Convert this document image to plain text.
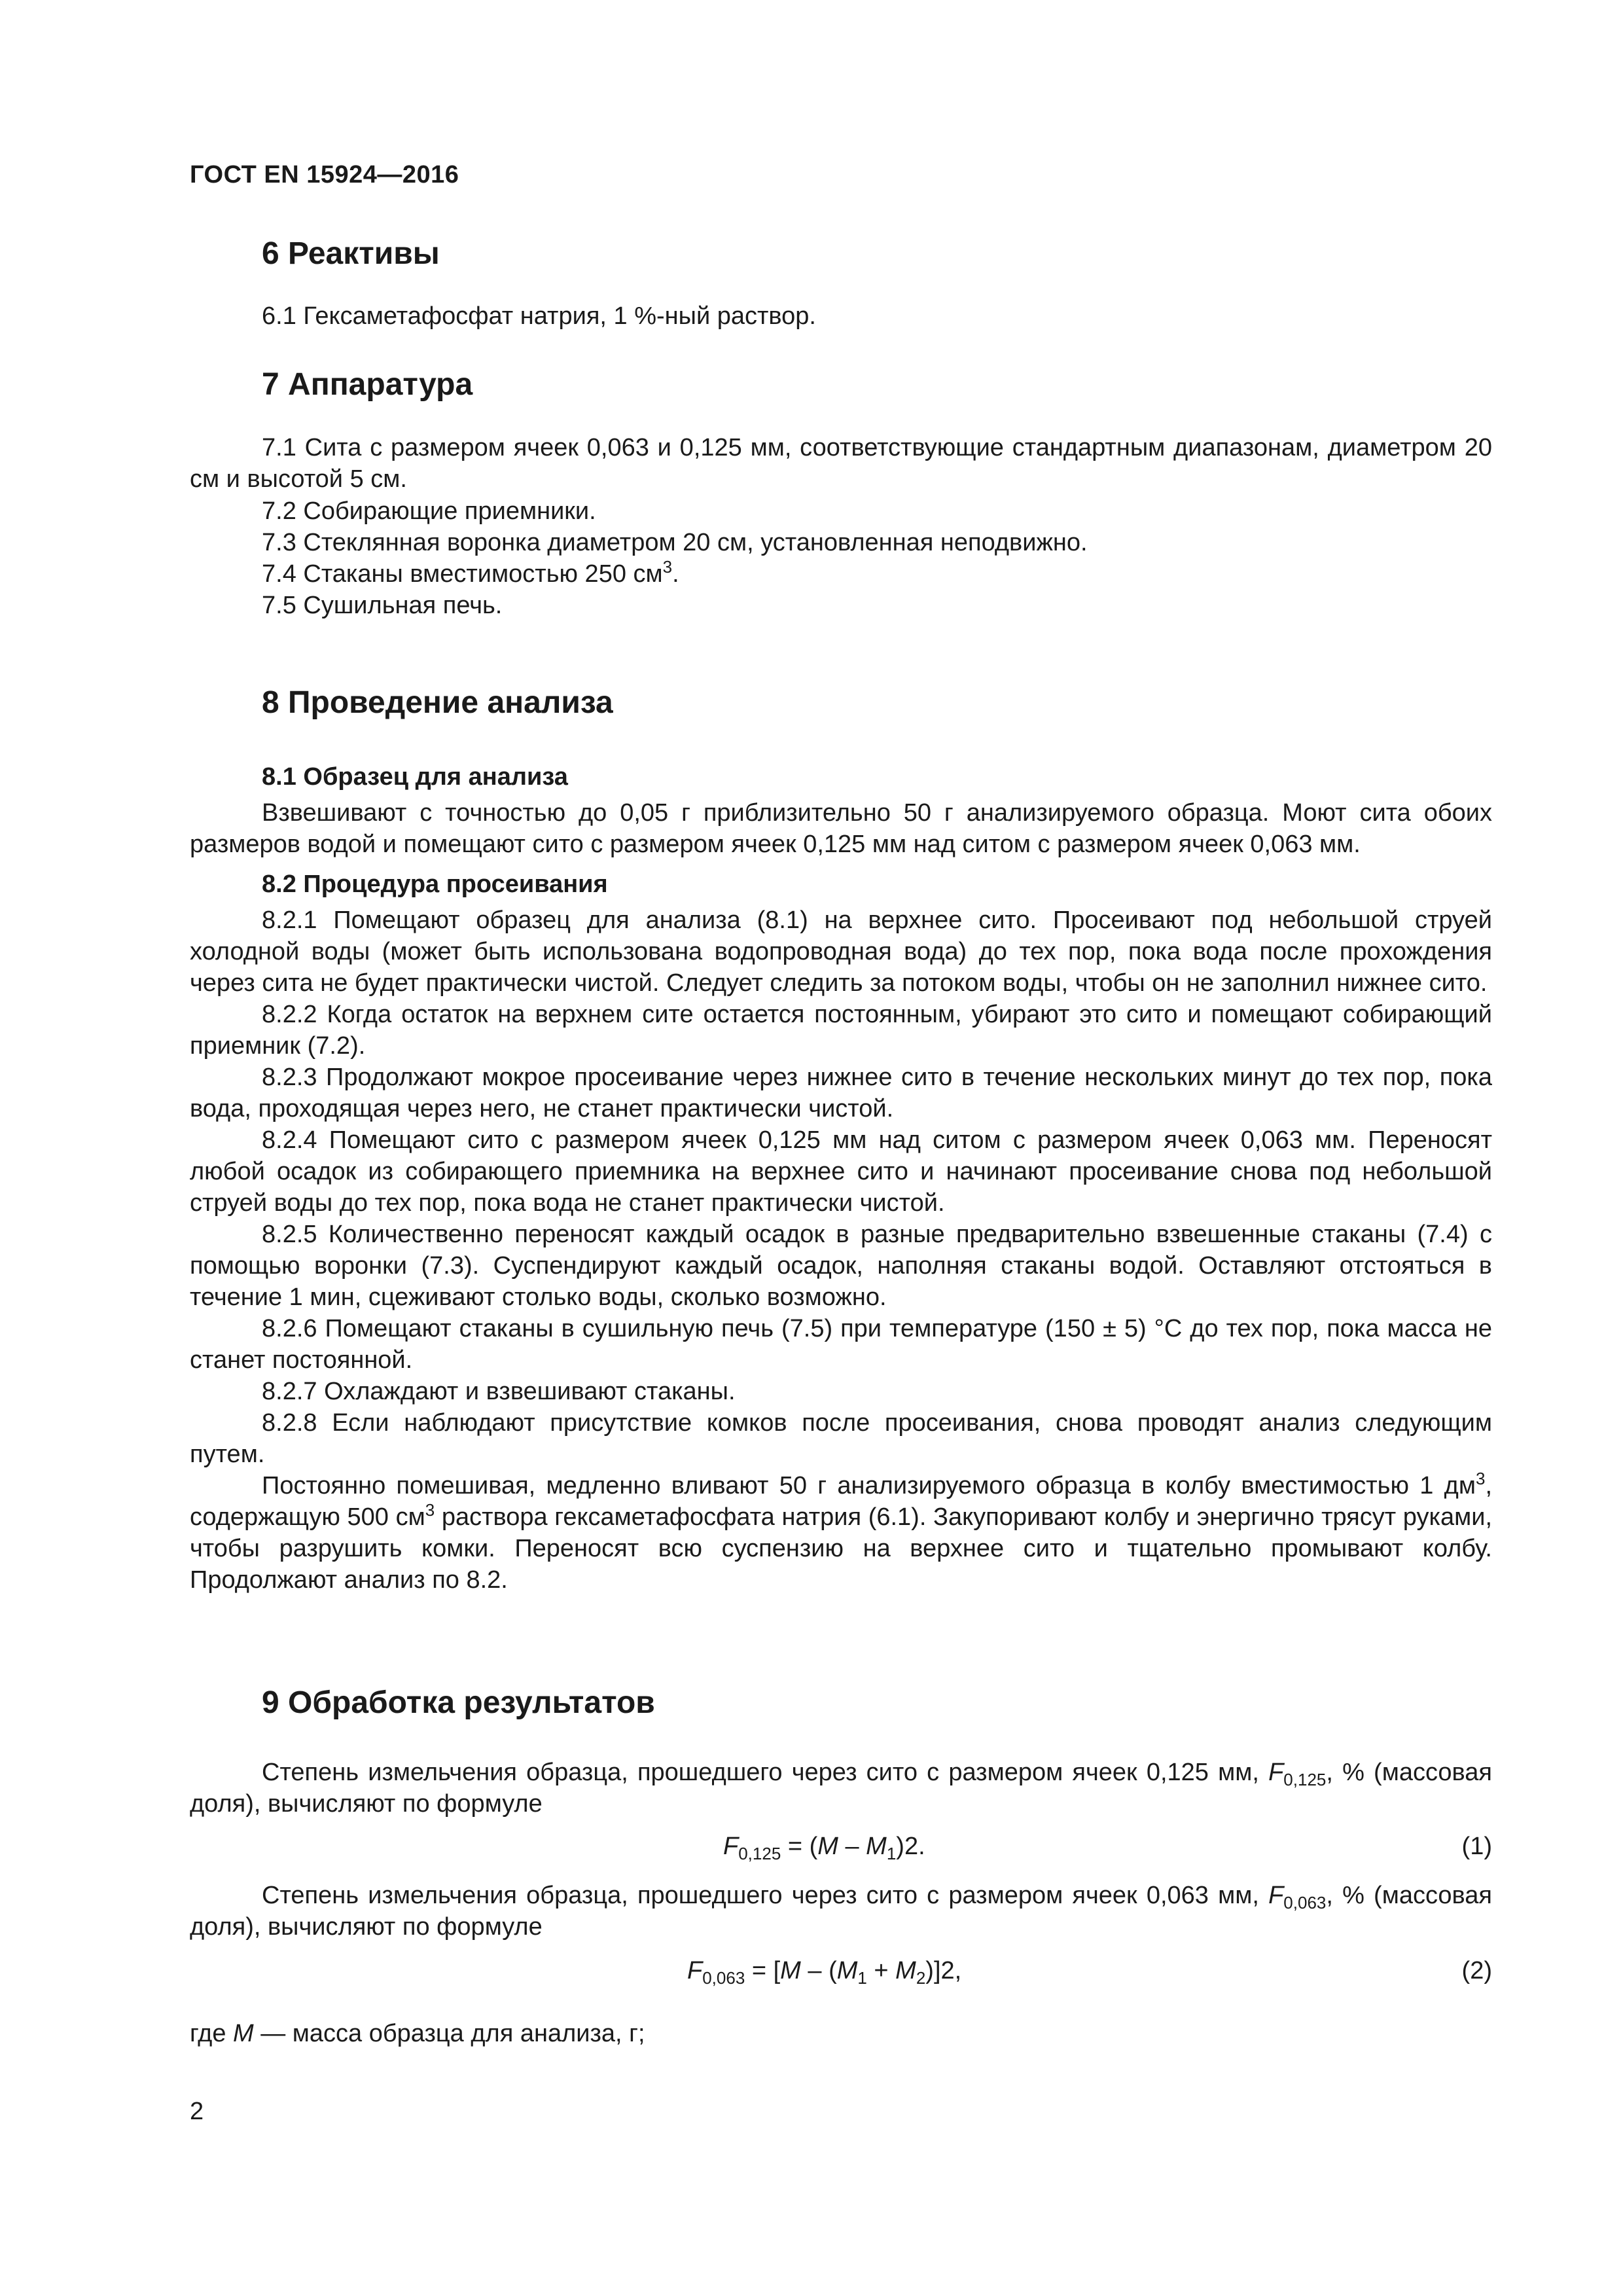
ГОСТ EN 15924—2016
6 Реактивы
6.1 Гексаметафосфат натрия, 1 %-ный раствор.
7 Аппаратура

7.1 Сита с размером ячеек 0,063 и 0,125 мм, соответствующие стандартным диапазонам, диаметром 20 см и высотой 5 см.

7.2 Собирающие приемники.
7.3 Стеклянная воронка диаметром 20 см, установленная неподвижно.
7.4 Стаканы вместимостью 250 $см^3$.
7.5 Сушильная печь.
8 Проведение анализа
8.1 Образец для анализа

Взвешивают с точностью до 0,05 г приблизительно 50 г анализируемого образца. Моют сита обоих размеров водой и помещают сито с размером ячеек 0,125 мм над ситом с размером ячеек 0,063 мм.

8.2 Процедура просеивания

8.2.1 Помещают образец для анализа (8.1) на верхнее сито. Просеивают под небольшой струей холодной воды (может быть использована водопроводная вода) до тех пор, пока вода после прохождения через сита не будет практически чистой. Следует следить за потоком воды, чтобы он не заполнил нижнее сито.

8.2.2 Когда остаток на верхнем сите остается постоянным, убирают это сито и помещают собирающий приемник (7.2).

8.2.3 Продолжают мокрое просеивание через нижнее сито в течение нескольких минут до тех пор, пока вода, проходящая через него, не станет практически чистой.

8.2.4 Помещают сито с размером ячеек 0,125 мм над ситом с размером ячеек 0,063 мм. Переносят любой осадок из собирающего приемника на верхнее сито и начинают просеивание снова под небольшой струей воды до тех пор, пока вода не станет практически чистой.

8.2.5 Количественно переносят каждый осадок в разные предварительно взвешенные стаканы (7.4) с помощью воронки (7.3). Суспендируют каждый осадок, наполняя стаканы водой. Оставляют отстояться в течение 1 мин, сцеживают столько воды, сколько возможно.

8.2.6 Помещают стаканы в сушильную печь (7.5) при температуре (150 ± 5) °С до тех пор, пока масса не станет постоянной.

8.2.7 Охлаждают и взвешивают стаканы.

8.2.8 Если наблюдают присутствие комков после просеивания, снова проводят анализ следующим путем.

Постоянно помешивая, медленно вливают 50 г анализируемого образца в колбу вместимостью 1 $дм^3$, содержащую 500 $см^3$ раствора гексаметафосфата натрия (6.1). Закупоривают колбу и энергично трясут руками, чтобы разрушить комки. Переносят всю суспензию на верхнее сито и тщательно промывают колбу. Продолжают анализ по 8.2.

9 Обработка результатов

Степень измельчения образца, прошедшего через сито с размером ячеек 0,125 мм, $F_{0,125}$, % (массовая доля), вычисляют по формуле

$F_{0,125} = (M - M_1)2$.	(1)

Степень измельчения образца, прошедшего через сито с размером ячеек 0,063 мм, $F_{0,063}$, % (массовая доля), вычисляют по формуле

$F_{0,063} = [M - (M_1 + M_2)]2$,	(2)
где M — масса образца для анализа, г;
2
